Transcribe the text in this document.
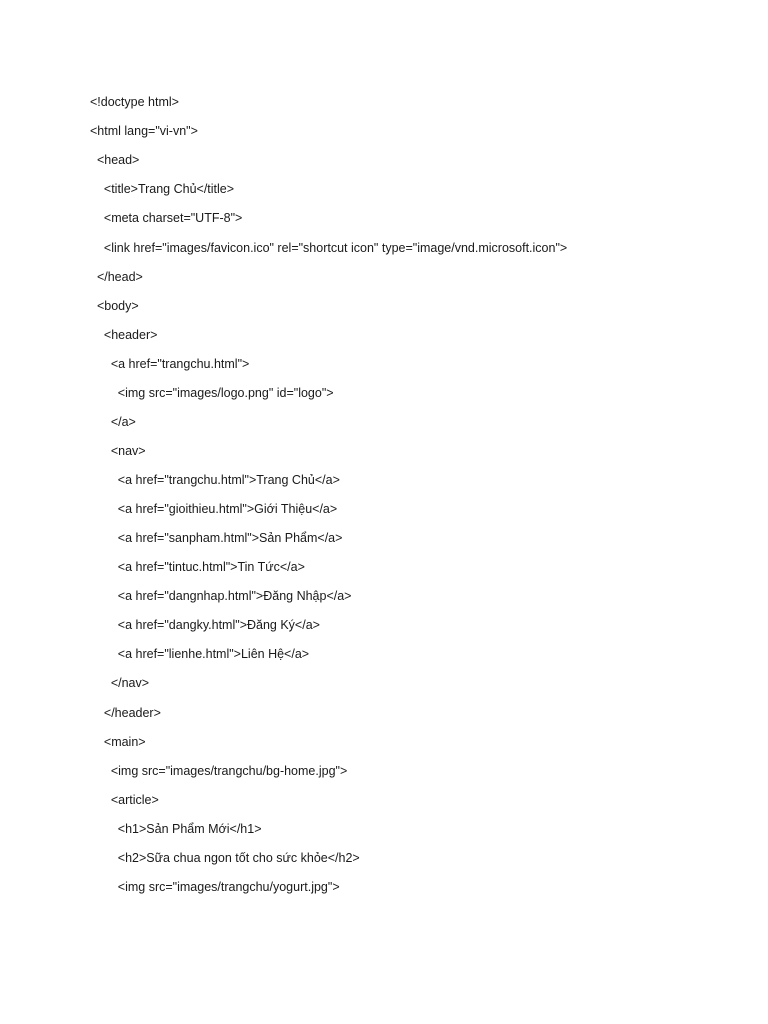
<!doctype html>
<html lang="vi-vn">
<head>
<title>Trang Chủ</title>
<meta charset="UTF-8">
<link href="images/favicon.ico" rel="shortcut icon" type="image/vnd.microsoft.icon">
</head>
<body>
<header>
<a href="trangchu.html">
<img src="images/logo.png" id="logo">
</a>
<nav>
<a href="trangchu.html">Trang Chủ</a>
<a href="gioithieu.html">Giới Thiệu</a>
<a href="sanpham.html">Sản Phẩm</a>
<a href="tintuc.html">Tin Tức</a>
<a href="dangnhap.html">Đăng Nhập</a>
<a href="dangky.html">Đăng Ký</a>
<a href="lienhe.html">Liên Hệ</a>
</nav>
</header>
<main>
<img src="images/trangchu/bg-home.jpg">
<article>
<h1>Sản Phẩm Mới</h1>
<h2>Sữa chua ngon tốt cho sức khỏe</h2>
<img src="images/trangchu/yogurt.jpg">
